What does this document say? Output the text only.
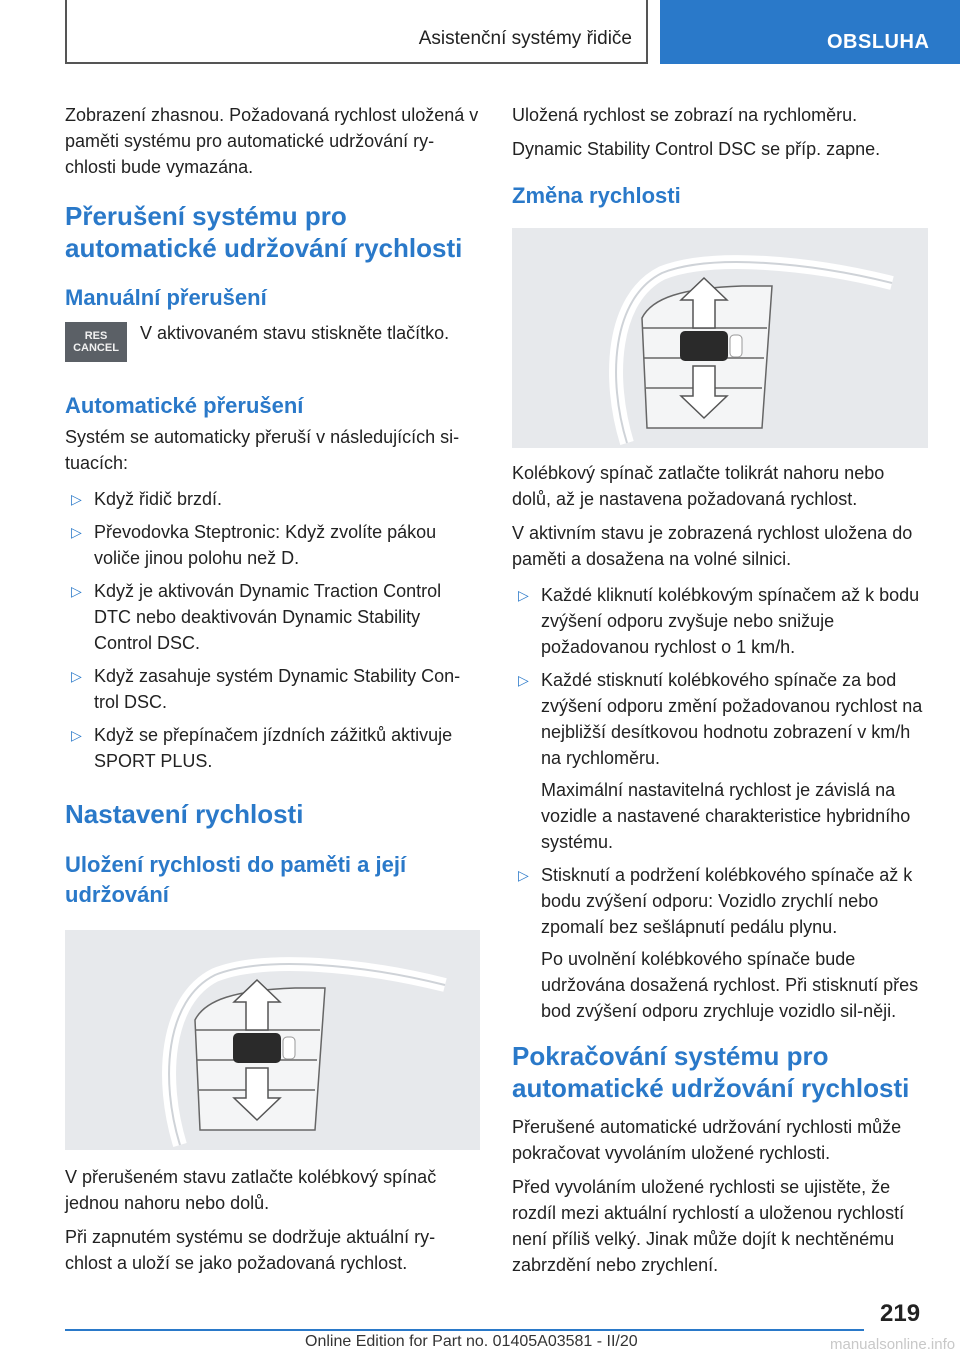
Asistenční systémy řidiče	OBSLUHA

Zobrazení zhasnou. Požadovaná rychlost uložená v paměti systému pro automatické udržování ry-chlosti bude vymazána.

Přerušení systému pro automatické udržování rychlosti
Manuální přerušení
RES
CANCEL
V aktivovaném stavu stiskněte tlačítko.
Automatické přerušení

Systém se automaticky přeruší v následujících si-tuacích:

▷ Když řidič brzdí.
▷ Převodovka Steptronic: Když zvolíte pákou voliče jinou polohu než D.
▷ Když je aktivován Dynamic Traction Control DTC nebo deaktivován Dynamic Stability Control DSC.
▷ Když zasahuje systém Dynamic Stability Con-trol DSC.
▷ Když se přepínačem jízdních zážitků aktivuje SPORT PLUS.
Nastavení rychlosti
Uložení rychlosti do paměti a její udržování

V přerušeném stavu zatlačte kolébkový spínač jednou nahoru nebo dolů.

Při zapnutém systému se dodržuje aktuální ry-chlost a uloží se jako požadovaná rychlost.

Uložená rychlost se zobrazí na rychloměru.

Dynamic Stability Control DSC se příp. zapne.

Změna rychlosti

Kolébkový spínač zatlačte tolikrát nahoru nebo dolů, až je nastavena požadovaná rychlost.

V aktivním stavu je zobrazená rychlost uložena do paměti a dosažena na volné silnici.

▷ Každé kliknutí kolébkovým spínačem až k bodu zvýšení odporu zvyšuje nebo snižuje požadovanou rychlost o 1 km/h.

▷ Každé stisknutí kolébkového spínače za bod zvýšení odporu změní požadovanou rychlost na nejbližší desítkovou hodnotu zobrazení v km/h na rychloměru.

Maximální nastavitelná rychlost je závislá na vozidle a nastavené charakteristice hybridního systému.

▷ Stisknutí a podržení kolébkového spínače až k bodu zvýšení odporu: Vozidlo zrychlí nebo zpomalí bez sešlápnutí pedálu plynu.

Po uvolnění kolébkového spínače bude udržována dosažená rychlost. Při stisknutí přes bod zvýšení odporu zrychluje vozidlo sil-něji.

Pokračování systému pro automatické udržování rychlosti

Přerušené automatické udržování rychlosti může pokračovat vyvoláním uložené rychlosti.

Před vyvoláním uložené rychlosti se ujistěte, že rozdíl mezi aktuální rychlostí a uloženou rychlostí není příliš velký. Jinak může dojít k nechtěnému zabrzdění nebo zrychlení.

219
Online Edition for Part no. 01405A03581 - II/20	manualsonline.info
